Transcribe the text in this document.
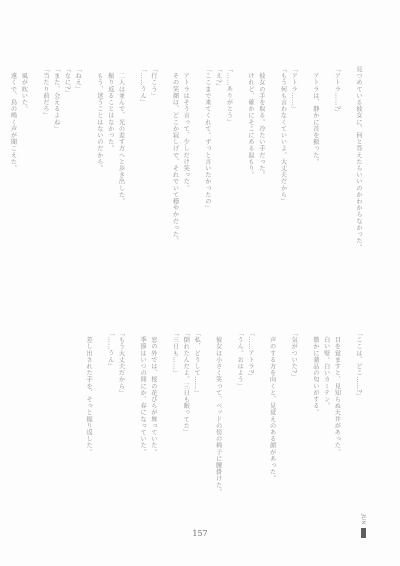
見つめている彼女に、何と答えたらいいのかわからなかった。

「アトラ……?」

　アトラは、静かに首を振った。

「アトラ……」
「もう何も言わなくていいよ。大丈夫だから」

　彼女の手を取る。冷たい手だった。
　けれど、確かにそこにある温もり。

「……ありがとう」
「え?」
「ここまで来てくれて。ずっと言いたかったの」

　アトラはそう言って、少しだけ笑った。
　その笑顔は、どこか寂しげで、それでいて穏やかだった。

「行こう」
「……うん」

　二人は並んで、光の差す方へと歩き出した。
　振り返ることはなかった。
　もう、迷うことはないのだから。

「ねえ」
「なに?」
「また、会えるよね」
「当たり前だろ」

　風が吹いた。
　遠くで、鳥の鳴く声が聞こえた。
「ここは、どこ……?」

　目を覚ますと、見知らぬ天井があった。
　白い壁。白いカーテン。
　微かに薬品の匂いがする。

「気がついた?」

　声のする方を向くと、見覚えのある顔があった。

「……アトラ?」
「うん。おはよう」

　彼女は小さく笑って、ベッドの傍の椅子に腰掛けた。

「私、どうして……」
「倒れたんだよ。三日も眠ってた」
「三日も……」

　窓の外では、桜の花びらが舞っていた。
　季節はいつの間にか、春になっていた。

「もう大丈夫だから」
「……うん」

　差し出された手を、そっと握り返した。
157
JUN
